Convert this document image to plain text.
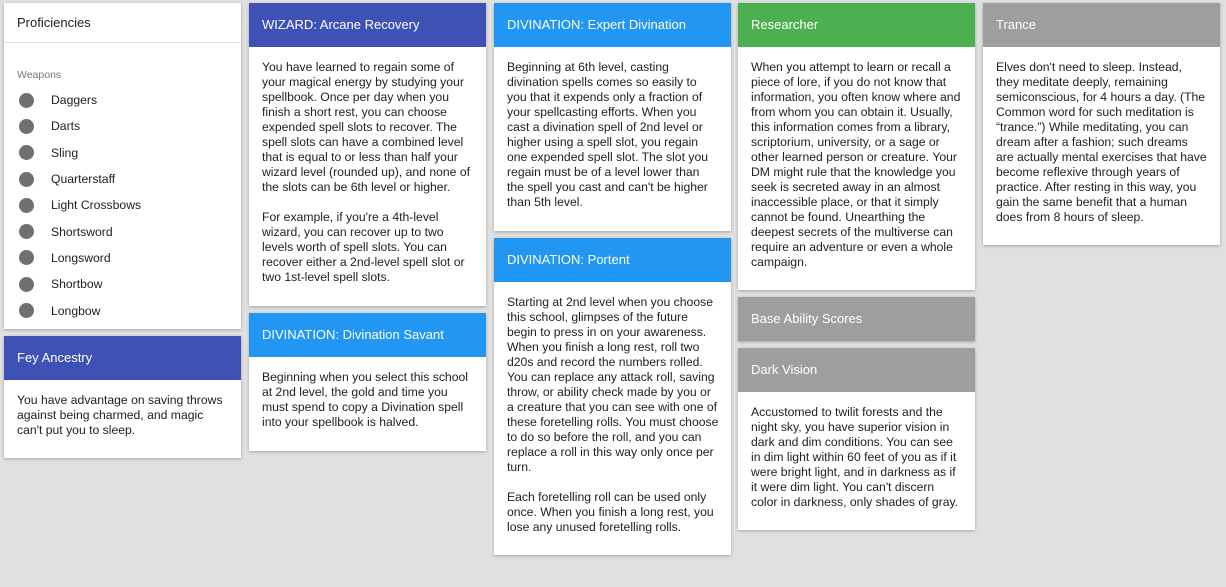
Proficiencies
Weapons
Daggers
Darts
Sling
Quarterstaff
Light Crossbows
Shortsword
Longsword
Shortbow
Longbow
Fey Ancestry
You have advantage on saving throws against being charmed, and magic can't put you to sleep.
WIZARD: Arcane Recovery
You have learned to regain some of your magical energy by studying your spellbook. Once per day when you finish a short rest, you can choose expended spell slots to recover. The spell slots can have a combined level that is equal to or less than half your wizard level (rounded up), and none of the slots can be 6th level or higher.

For example, if you're a 4th-level wizard, you can recover up to two levels worth of spell slots. You can recover either a 2nd-level spell slot or two 1st-level spell slots.
DIVINATION: Divination Savant
Beginning when you select this school at 2nd level, the gold and time you must spend to copy a Divination spell into your spellbook is halved.
DIVINATION: Expert Divination
Beginning at 6th level, casting divination spells comes so easily to you that it expends only a fraction of your spellcasting efforts. When you cast a divination spell of 2nd level or higher using a spell slot, you regain one expended spell slot. The slot you regain must be of a level lower than the spell you cast and can't be higher than 5th level.
DIVINATION: Portent
Starting at 2nd level when you choose this school, glimpses of the future begin to press in on your awareness. When you finish a long rest, roll two d20s and record the numbers rolled. You can replace any attack roll, saving throw, or ability check made by you or a creature that you can see with one of these foretelling rolls. You must choose to do so before the roll, and you can replace a roll in this way only once per turn.

Each foretelling roll can be used only once. When you finish a long rest, you lose any unused foretelling rolls.
Researcher
When you attempt to learn or recall a piece of lore, if you do not know that information, you often know where and from whom you can obtain it. Usually, this information comes from a library, scriptorium, university, or a sage or other learned person or creature. Your DM might rule that the knowledge you seek is secreted away in an almost inaccessible place, or that it simply cannot be found. Unearthing the deepest secrets of the multiverse can require an adventure or even a whole campaign.
Base Ability Scores
Dark Vision
Accustomed to twilit forests and the night sky, you have superior vision in dark and dim conditions. You can see in dim light within 60 feet of you as if it were bright light, and in darkness as if it were dim light. You can't discern color in darkness, only shades of gray.
Trance
Elves don't need to sleep. Instead, they meditate deeply, remaining semiconscious, for 4 hours a day. (The Common word for such meditation is “trance.”) While meditating, you can dream after a fashion; such dreams are actually mental exercises that have become reflexive through years of practice. After resting in this way, you gain the same benefit that a human does from 8 hours of sleep.
